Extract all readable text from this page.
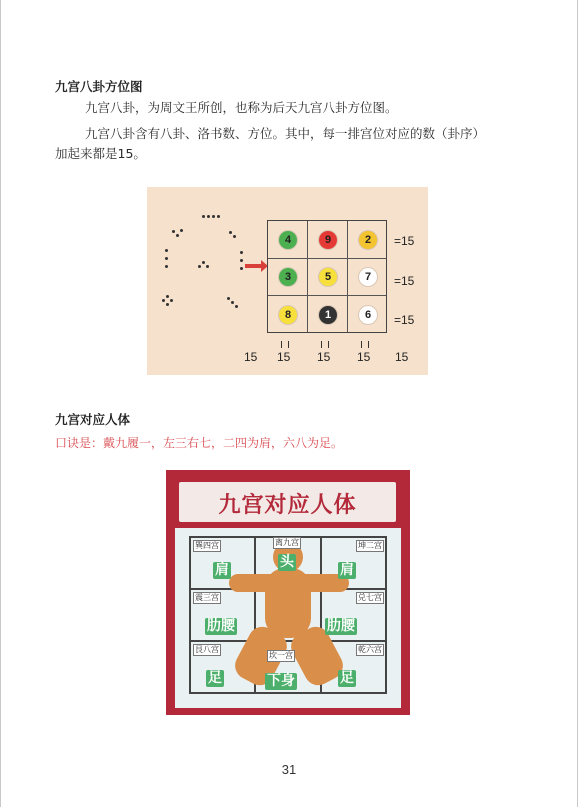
九宫八卦方位图
九宫八卦，为周文王所创，也称为后天九宫八卦方位图。
九宫八卦含有八卦、洛书数、方位。其中，每一排宫位对应的数（卦序）
加起来都是15。
4	9	2
3	5	7
8	1	6
=15
=15
=15
15 15 15 15 15
九宫对应人体
口诀是：戴九履一，左三右七，二四为肩，六八为足。
九宫对应人体
巽四宫	离九宫	坤二宫
震三宫	兑七宫
艮八宫
坎一宫
乾六宫
头
肩	肩
肋腰	肋腰
足	下身	足
31
